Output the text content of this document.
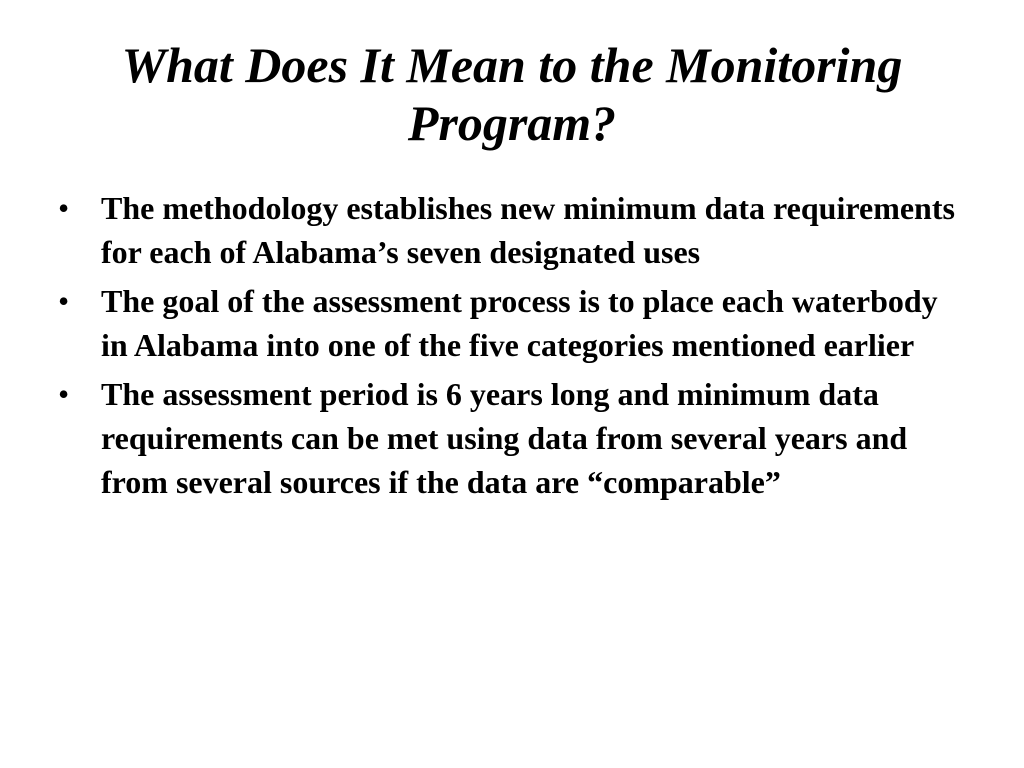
What Does It Mean to the Monitoring Program?
• The methodology establishes new minimum data requirements for each of Alabama’s seven designated uses
• The goal of the assessment process is to place each waterbody in Alabama into one of the five categories mentioned earlier
• The assessment period is 6 years long and minimum data requirements can be met using data from several years and from several sources if the data are “comparable”
